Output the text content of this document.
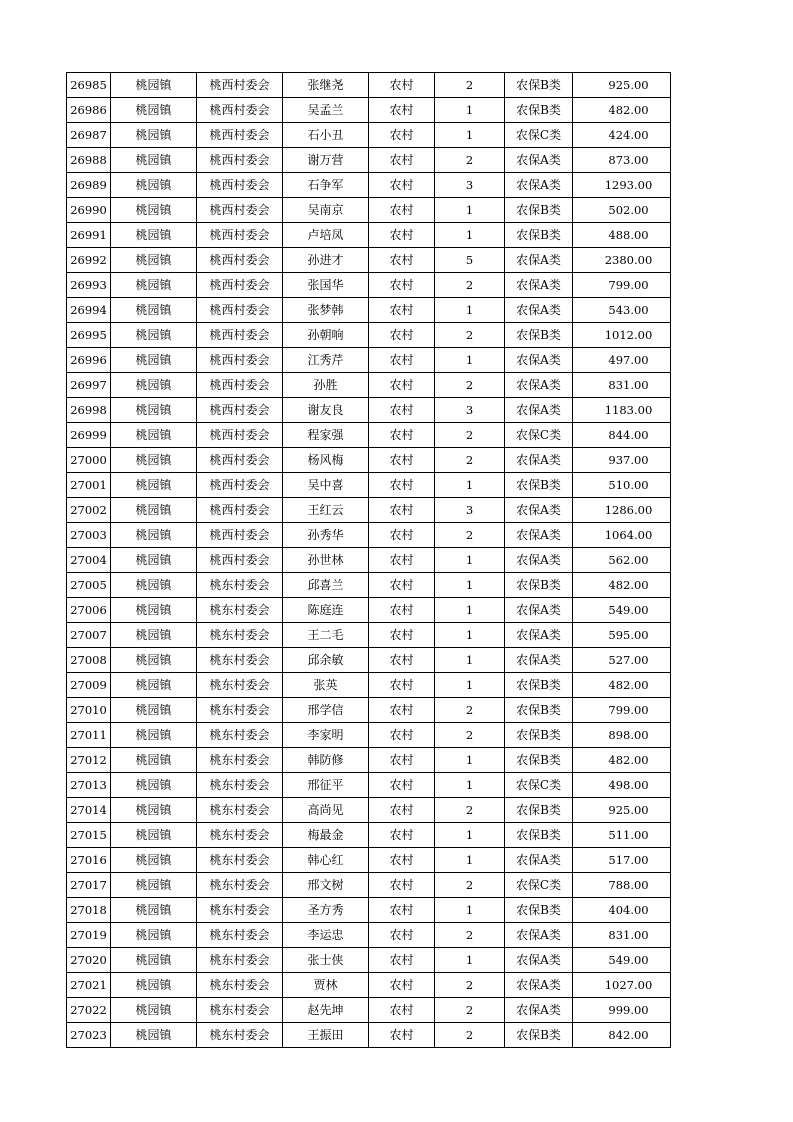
26985	桃园镇	桃西村委会	张继尧	农村	2	农保B类	925.00
26986	桃园镇	桃西村委会	吴孟兰	农村	1	农保B类	482.00
26987	桃园镇	桃西村委会	石小丑	农村	1	农保C类	424.00
26988	桃园镇	桃西村委会	谢万营	农村	2	农保A类	873.00
26989	桃园镇	桃西村委会	石争军	农村	3	农保A类	1293.00
26990	桃园镇	桃西村委会	吴南京	农村	1	农保B类	502.00
26991	桃园镇	桃西村委会	卢培凤	农村	1	农保B类	488.00
26992	桃园镇	桃西村委会	孙进才	农村	5	农保A类	2380.00
26993	桃园镇	桃西村委会	张国华	农村	2	农保A类	799.00
26994	桃园镇	桃西村委会	张梦韩	农村	1	农保A类	543.00
26995	桃园镇	桃西村委会	孙朝响	农村	2	农保B类	1012.00
26996	桃园镇	桃西村委会	江秀芹	农村	1	农保A类	497.00
26997	桃园镇	桃西村委会	孙胜	农村	2	农保A类	831.00
26998	桃园镇	桃西村委会	谢友良	农村	3	农保A类	1183.00
26999	桃园镇	桃西村委会	程家强	农村	2	农保C类	844.00
27000	桃园镇	桃西村委会	杨风梅	农村	2	农保A类	937.00
27001	桃园镇	桃西村委会	吴中喜	农村	1	农保B类	510.00
27002	桃园镇	桃西村委会	王红云	农村	3	农保A类	1286.00
27003	桃园镇	桃西村委会	孙秀华	农村	2	农保A类	1064.00
27004	桃园镇	桃西村委会	孙世林	农村	1	农保A类	562.00
27005	桃园镇	桃东村委会	邱喜兰	农村	1	农保B类	482.00
27006	桃园镇	桃东村委会	陈庭连	农村	1	农保A类	549.00
27007	桃园镇	桃东村委会	王二毛	农村	1	农保A类	595.00
27008	桃园镇	桃东村委会	邱余敏	农村	1	农保A类	527.00
27009	桃园镇	桃东村委会	张英	农村	1	农保B类	482.00
27010	桃园镇	桃东村委会	邢学信	农村	2	农保B类	799.00
27011	桃园镇	桃东村委会	李家明	农村	2	农保B类	898.00
27012	桃园镇	桃东村委会	韩防修	农村	1	农保B类	482.00
27013	桃园镇	桃东村委会	邢征平	农村	1	农保C类	498.00
27014	桃园镇	桃东村委会	高尚见	农村	2	农保B类	925.00
27015	桃园镇	桃东村委会	梅最金	农村	1	农保B类	511.00
27016	桃园镇	桃东村委会	韩心红	农村	1	农保A类	517.00
27017	桃园镇	桃东村委会	邢文树	农村	2	农保C类	788.00
27018	桃园镇	桃东村委会	圣方秀	农村	1	农保B类	404.00
27019	桃园镇	桃东村委会	李运忠	农村	2	农保A类	831.00
27020	桃园镇	桃东村委会	张士侠	农村	1	农保A类	549.00
27021	桃园镇	桃东村委会	贾林	农村	2	农保A类	1027.00
27022	桃园镇	桃东村委会	赵先坤	农村	2	农保A类	999.00
27023	桃园镇	桃东村委会	王振田	农村	2	农保B类	842.00
